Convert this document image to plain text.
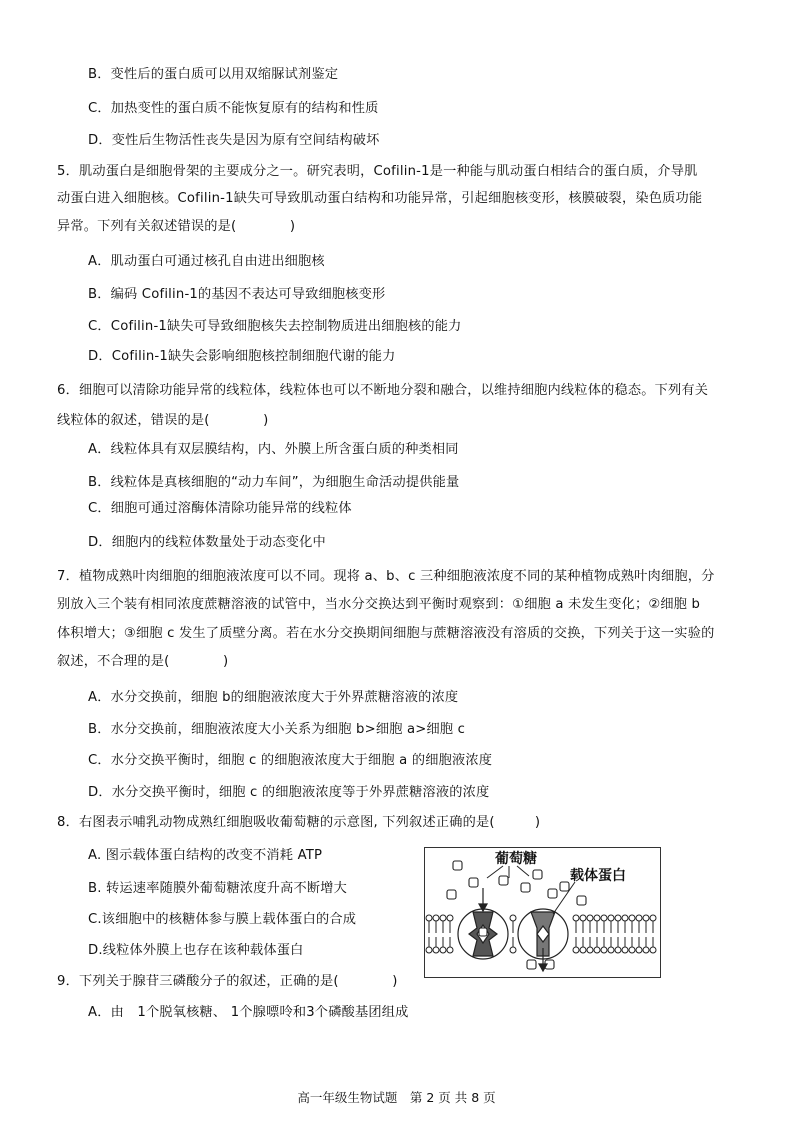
B．变性后的蛋白质可以用双缩脲试剂鉴定
C．加热变性的蛋白质不能恢复原有的结构和性质
D．变性后生物活性丧失是因为原有空间结构破坏
5．肌动蛋白是细胞骨架的主要成分之一。研究表明，Cofilin-1是一种能与肌动蛋白相结合的蛋白质，介导肌
动蛋白进入细胞核。Cofilin-1缺失可导致肌动蛋白结构和功能异常，引起细胞核变形，核膜破裂，染色质功能
异常。下列有关叙述错误的是(　　　　)
A．肌动蛋白可通过核孔自由进出细胞核
B．编码 Cofilin-1的基因不表达可导致细胞核变形
C．Cofilin-1缺失可导致细胞核失去控制物质进出细胞核的能力
D．Cofilin-1缺失会影响细胞核控制细胞代谢的能力
6．细胞可以清除功能异常的线粒体，线粒体也可以不断地分裂和融合，以维持细胞内线粒体的稳态。下列有关
线粒体的叙述，错误的是(　　　　)
A．线粒体具有双层膜结构，内、外膜上所含蛋白质的种类相同
B．线粒体是真核细胞的“动力车间”，为细胞生命活动提供能量
C．细胞可通过溶酶体清除功能异常的线粒体
D．细胞内的线粒体数量处于动态变化中
7．植物成熟叶肉细胞的细胞液浓度可以不同。现将 a、b、c 三种细胞液浓度不同的某种植物成熟叶肉细胞，分
别放入三个装有相同浓度蔗糖溶液的试管中，当水分交换达到平衡时观察到：①细胞 a 未发生变化；②细胞 b
体积增大；③细胞 c 发生了质壁分离。若在水分交换期间细胞与蔗糖溶液没有溶质的交换，下列关于这一实验的
叙述，不合理的是(　　　　)
A．水分交换前，细胞 b的细胞液浓度大于外界蔗糖溶液的浓度
B．水分交换前，细胞液浓度大小关系为细胞 b>细胞 a>细胞 c
C．水分交换平衡时，细胞 c 的细胞液浓度大于细胞 a 的细胞液浓度
D．水分交换平衡时，细胞 c 的细胞液浓度等于外界蔗糖溶液的浓度
8．右图表示哺乳动物成熟红细胞吸收葡萄糖的示意图, 下列叙述正确的是(　　　)
A. 图示载体蛋白结构的改变不消耗 ATP
B. 转运速率随膜外葡萄糖浓度升高不断增大
C.该细胞中的核糖体参与膜上载体蛋白的合成
D.线粒体外膜上也存在该种载体蛋白
葡萄糖
载体蛋白
9．下列关于腺苷三磷酸分子的叙述，正确的是(　　　　)
A．由　1个脱氧核糖、 1个腺嘌呤和3个磷酸基团组成
高一年级生物试题　第 2 页 共 8 页
